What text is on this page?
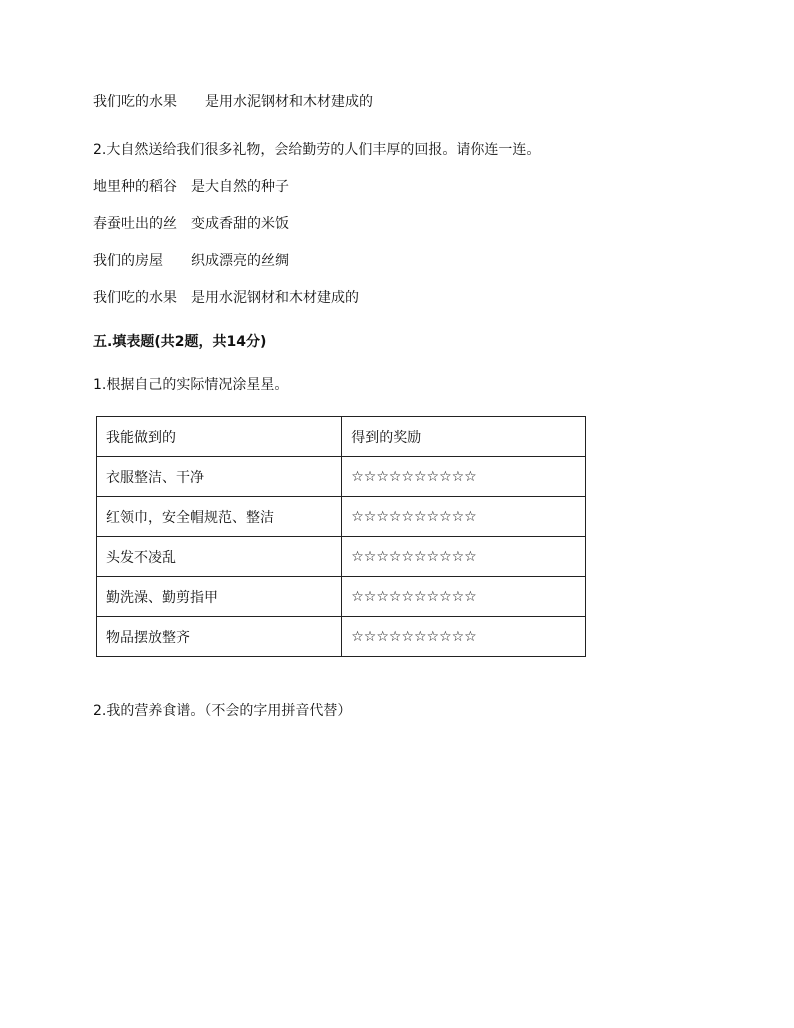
我们吃的水果　　是用水泥钢材和木材建成的
2.大自然送给我们很多礼物，会给勤劳的人们丰厚的回报。请你连一连。
地里种的稻谷　是大自然的种子
春蚕吐出的丝　变成香甜的米饭
我们的房屋　　织成漂亮的丝绸
我们吃的水果　是用水泥钢材和木材建成的
五.填表题(共2题，共14分)
1.根据自己的实际情况涂星星。
我能做到的	得到的奖励
衣服整洁、干净	☆☆☆☆☆☆☆☆☆☆
红领巾，安全帽规范、整洁	☆☆☆☆☆☆☆☆☆☆
头发不凌乱	☆☆☆☆☆☆☆☆☆☆
勤洗澡、勤剪指甲	☆☆☆☆☆☆☆☆☆☆
物品摆放整齐	☆☆☆☆☆☆☆☆☆☆
2.我的营养食谱。（不会的字用拼音代替）
